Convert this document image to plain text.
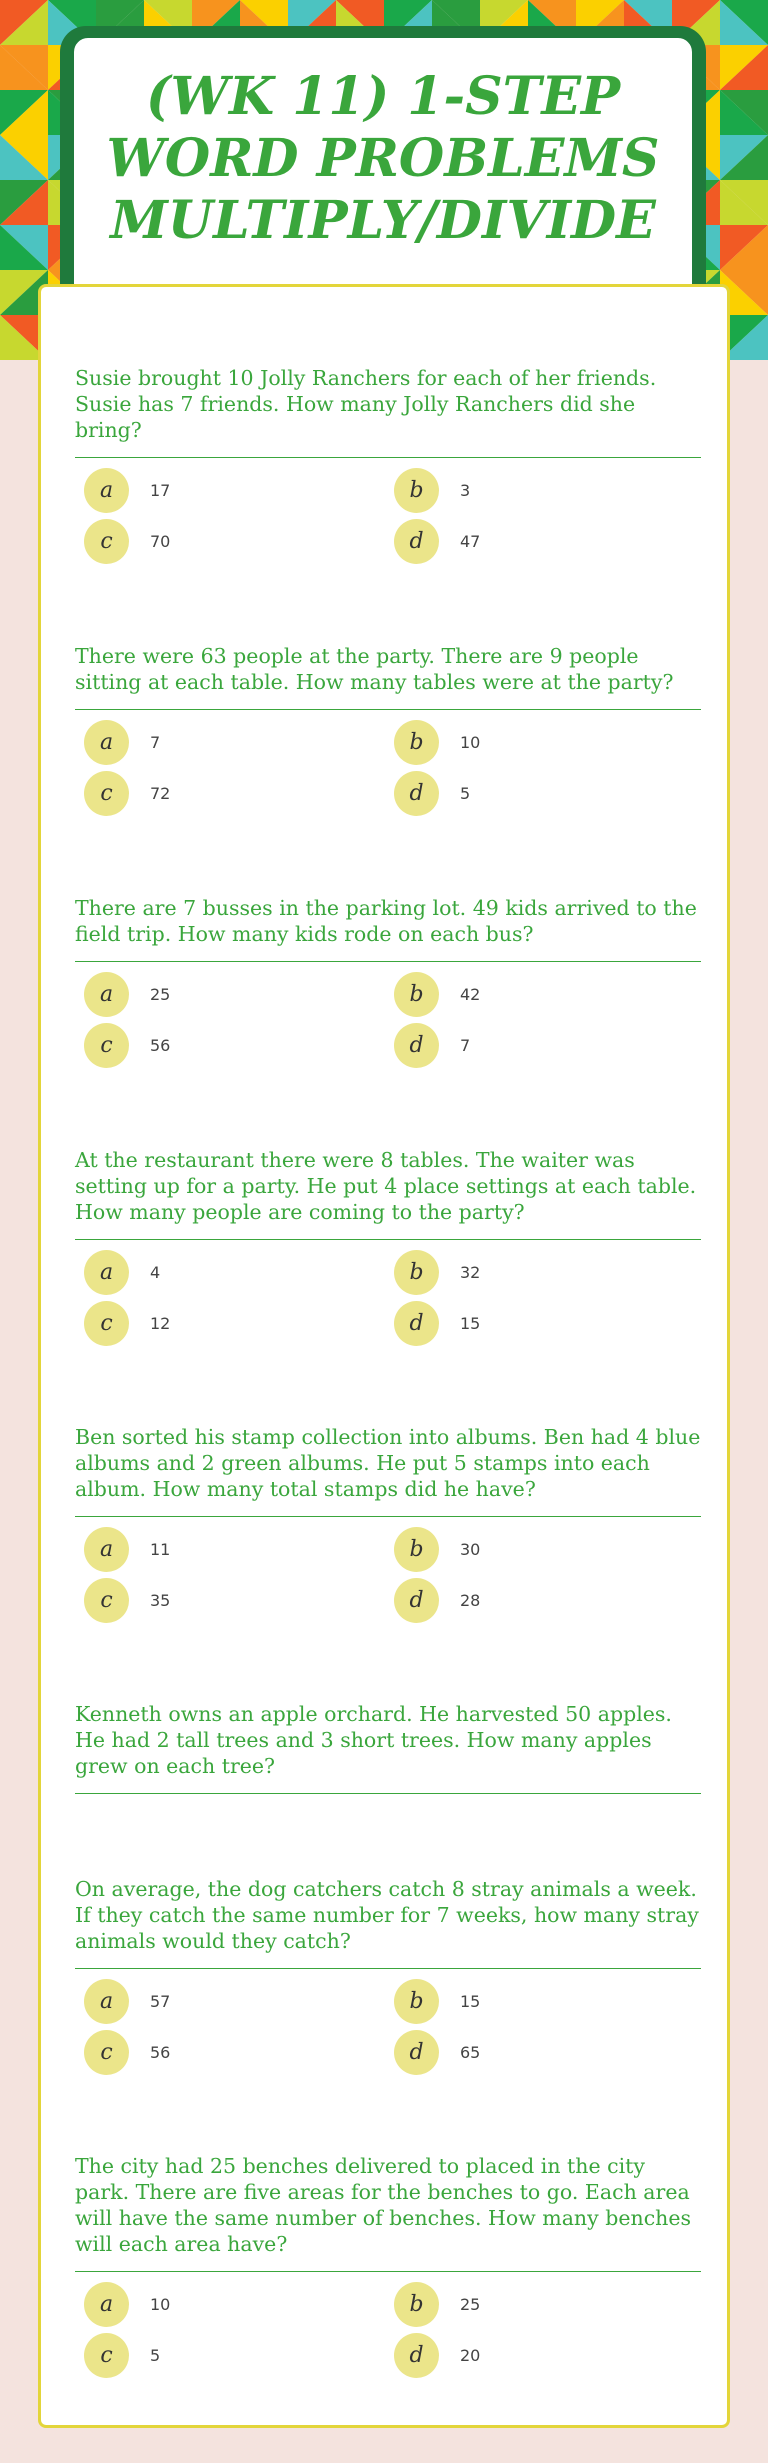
(WK 11) 1-STEP WORD PROBLEMS MULTIPLY/DIVIDE

Susie brought 10 Jolly Ranchers for each of her friends. Susie has 7 friends. How many Jolly Ranchers did she bring?

a	17	b	3
c	70	d	47

There were 63 people at the party. There are 9 people sitting at each table. How many tables were at the party?

a	7	b	10
c	72	d	5

There are 7 busses in the parking lot. 49 kids arrived to the field trip. How many kids rode on each bus?

a	25	b	42
c	56	d	7

At the restaurant there were 8 tables. The waiter was setting up for a party. He put 4 place settings at each table. How many people are coming to the party?

a	4	b	32
c	12	d	15

Ben sorted his stamp collection into albums. Ben had 4 blue albums and 2 green albums. He put 5 stamps into each album. How many total stamps did he have?

a	11	b	30
c	35	d	28

Kenneth owns an apple orchard. He harvested 50 apples. He had 2 tall trees and 3 short trees. How many apples grew on each tree?

On average, the dog catchers catch 8 stray animals a week. If they catch the same number for 7 weeks, how many stray animals would they catch?

a	57	b	15
c	56	d	65

The city had 25 benches delivered to placed in the city park. There are five areas for the benches to go. Each area will have the same number of benches. How many benches will each area have?

a	10	b	25
c	5	d	20
